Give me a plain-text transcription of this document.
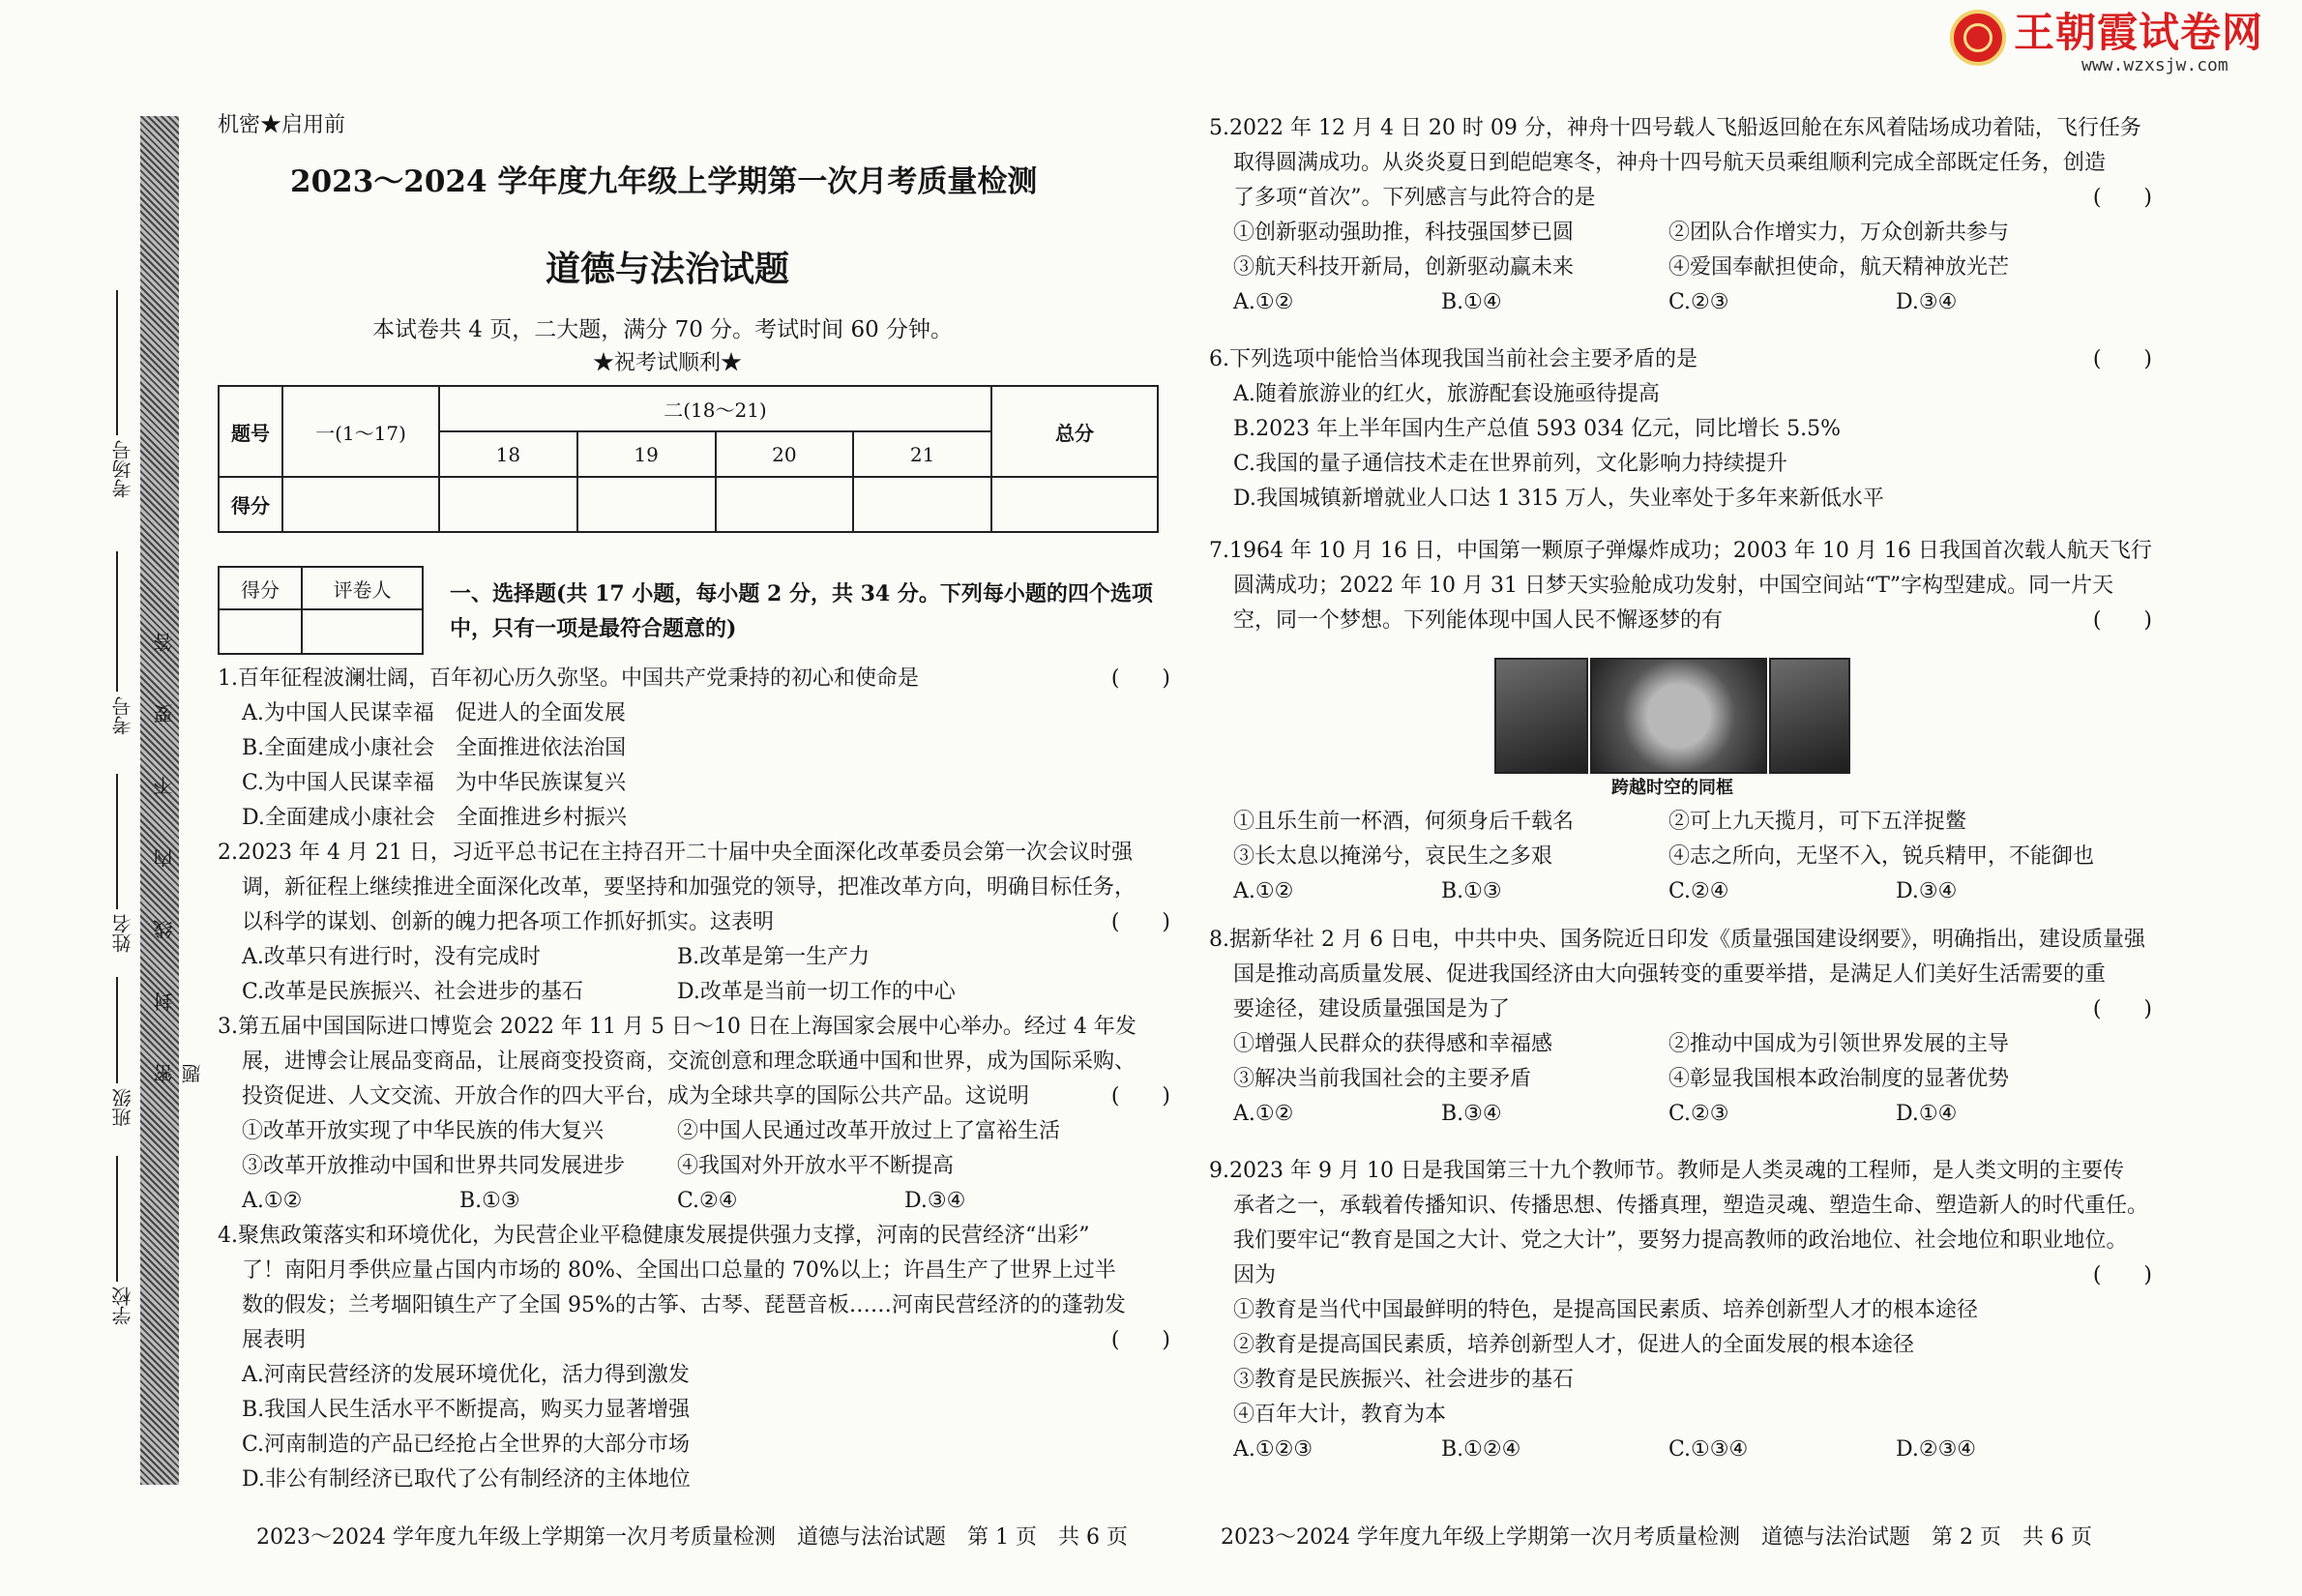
王朝霞试卷网
www.wzxsjw.com
考场号
考号
姓名
班级
学校
密 封 线 内 不 要 答 题
机密★启用前
2023～2024 学年度九年级上学期第一次月考质量检测
道德与法治试题
本试卷共 4 页，二大题，满分 70 分。考试时间 60 分钟。
★祝考试顺利★
题号	一(1～17)	二(18～21)				总分
		18	19	20	21	
得分						
得分	评卷人
		一、选择题(共 17 小题，每小题 2 分，共 34 分。下列每小题的四个选项
中，只有一项是最符合题意的)
1.百年征程波澜壮阔，百年初心历久弥坚。中国共产党秉持的初心和使命是	(　　)
A.为中国人民谋幸福　促进人的全面发展
B.全面建成小康社会　全面推进依法治国
C.为中国人民谋幸福　为中华民族谋复兴
D.全面建成小康社会　全面推进乡村振兴
2.2023 年 4 月 21 日，习近平总书记在主持召开二十届中央全面深化改革委员会第一次会议时强
调，新征程上继续推进全面深化改革，要坚持和加强党的领导，把准改革方向，明确目标任务，
以科学的谋划、创新的魄力把各项工作抓好抓实。这表明	(　　)
A.改革只有进行时，没有完成时	B.改革是第一生产力
C.改革是民族振兴、社会进步的基石	D.改革是当前一切工作的中心
3.第五届中国国际进口博览会 2022 年 11 月 5 日～10 日在上海国家会展中心举办。经过 4 年发
展，进博会让展品变商品，让展商变投资商，交流创意和理念联通中国和世界，成为国际采购、
投资促进、人文交流、开放合作的四大平台，成为全球共享的国际公共产品。这说明	(　　)
①改革开放实现了中华民族的伟大复兴	②中国人民通过改革开放过上了富裕生活
③改革开放推动中国和世界共同发展进步	④我国对外开放水平不断提高
A.①②	B.①③	C.②④	D.③④
4.聚焦政策落实和环境优化，为民营企业平稳健康发展提供强力支撑，河南的民营经济“出彩”
了！南阳月季供应量占国内市场的 80%、全国出口总量的 70%以上；许昌生产了世界上过半
数的假发；兰考堌阳镇生产了全国 95%的古筝、古琴、琵琶音板……河南民营经济的的蓬勃发
展表明	(　　)
A.河南民营经济的发展环境优化，活力得到激发
B.我国人民生活水平不断提高，购买力显著增强
C.河南制造的产品已经抢占全世界的大部分市场
D.非公有制经济已取代了公有制经济的主体地位
2023～2024 学年度九年级上学期第一次月考质量检测　道德与法治试题　第 1 页　共 6 页
5.2022 年 12 月 4 日 20 时 09 分，神舟十四号载人飞船返回舱在东风着陆场成功着陆，飞行任务
取得圆满成功。从炎炎夏日到皑皑寒冬，神舟十四号航天员乘组顺利完成全部既定任务，创造
了多项“首次”。下列感言与此符合的是	(　　)
①创新驱动强助推，科技强国梦已圆	②团队合作增实力，万众创新共参与
③航天科技开新局，创新驱动赢未来	④爱国奉献担使命，航天精神放光芒
A.①②	B.①④	C.②③	D.③④
6.下列选项中能恰当体现我国当前社会主要矛盾的是	(　　)
A.随着旅游业的红火，旅游配套设施亟待提高
B.2023 年上半年国内生产总值 593 034 亿元，同比增长 5.5%
C.我国的量子通信技术走在世界前列，文化影响力持续提升
D.我国城镇新增就业人口达 1 315 万人，失业率处于多年来新低水平
7.1964 年 10 月 16 日，中国第一颗原子弹爆炸成功；2003 年 10 月 16 日我国首次载人航天飞行
圆满成功；2022 年 10 月 31 日梦天实验舱成功发射，中国空间站“T”字构型建成。同一片天
空，同一个梦想。下列能体现中国人民不懈逐梦的有	(　　)
跨越时空的同框
①且乐生前一杯酒，何须身后千载名	②可上九天揽月，可下五洋捉鳖
③长太息以掩涕兮，哀民生之多艰	④志之所向，无坚不入，锐兵精甲，不能御也
A.①②	B.①③	C.②④	D.③④
8.据新华社 2 月 6 日电，中共中央、国务院近日印发《质量强国建设纲要》，明确指出，建设质量强
国是推动高质量发展、促进我国经济由大向强转变的重要举措，是满足人们美好生活需要的重
要途径，建设质量强国是为了	(　　)
①增强人民群众的获得感和幸福感	②推动中国成为引领世界发展的主导
③解决当前我国社会的主要矛盾	④彰显我国根本政治制度的显著优势
A.①②	B.③④	C.②③	D.①④
9.2023 年 9 月 10 日是我国第三十九个教师节。教师是人类灵魂的工程师，是人类文明的主要传
承者之一，承载着传播知识、传播思想、传播真理，塑造灵魂、塑造生命、塑造新人的时代重任。
我们要牢记“教育是国之大计、党之大计”，要努力提高教师的政治地位、社会地位和职业地位。
因为	(　　)
①教育是当代中国最鲜明的特色，是提高国民素质、培养创新型人才的根本途径
②教育是提高国民素质，培养创新型人才，促进人的全面发展的根本途径
③教育是民族振兴、社会进步的基石
④百年大计，教育为本
A.①②③	B.①②④	C.①③④	D.②③④
2023～2024 学年度九年级上学期第一次月考质量检测　道德与法治试题　第 2 页　共 6 页
